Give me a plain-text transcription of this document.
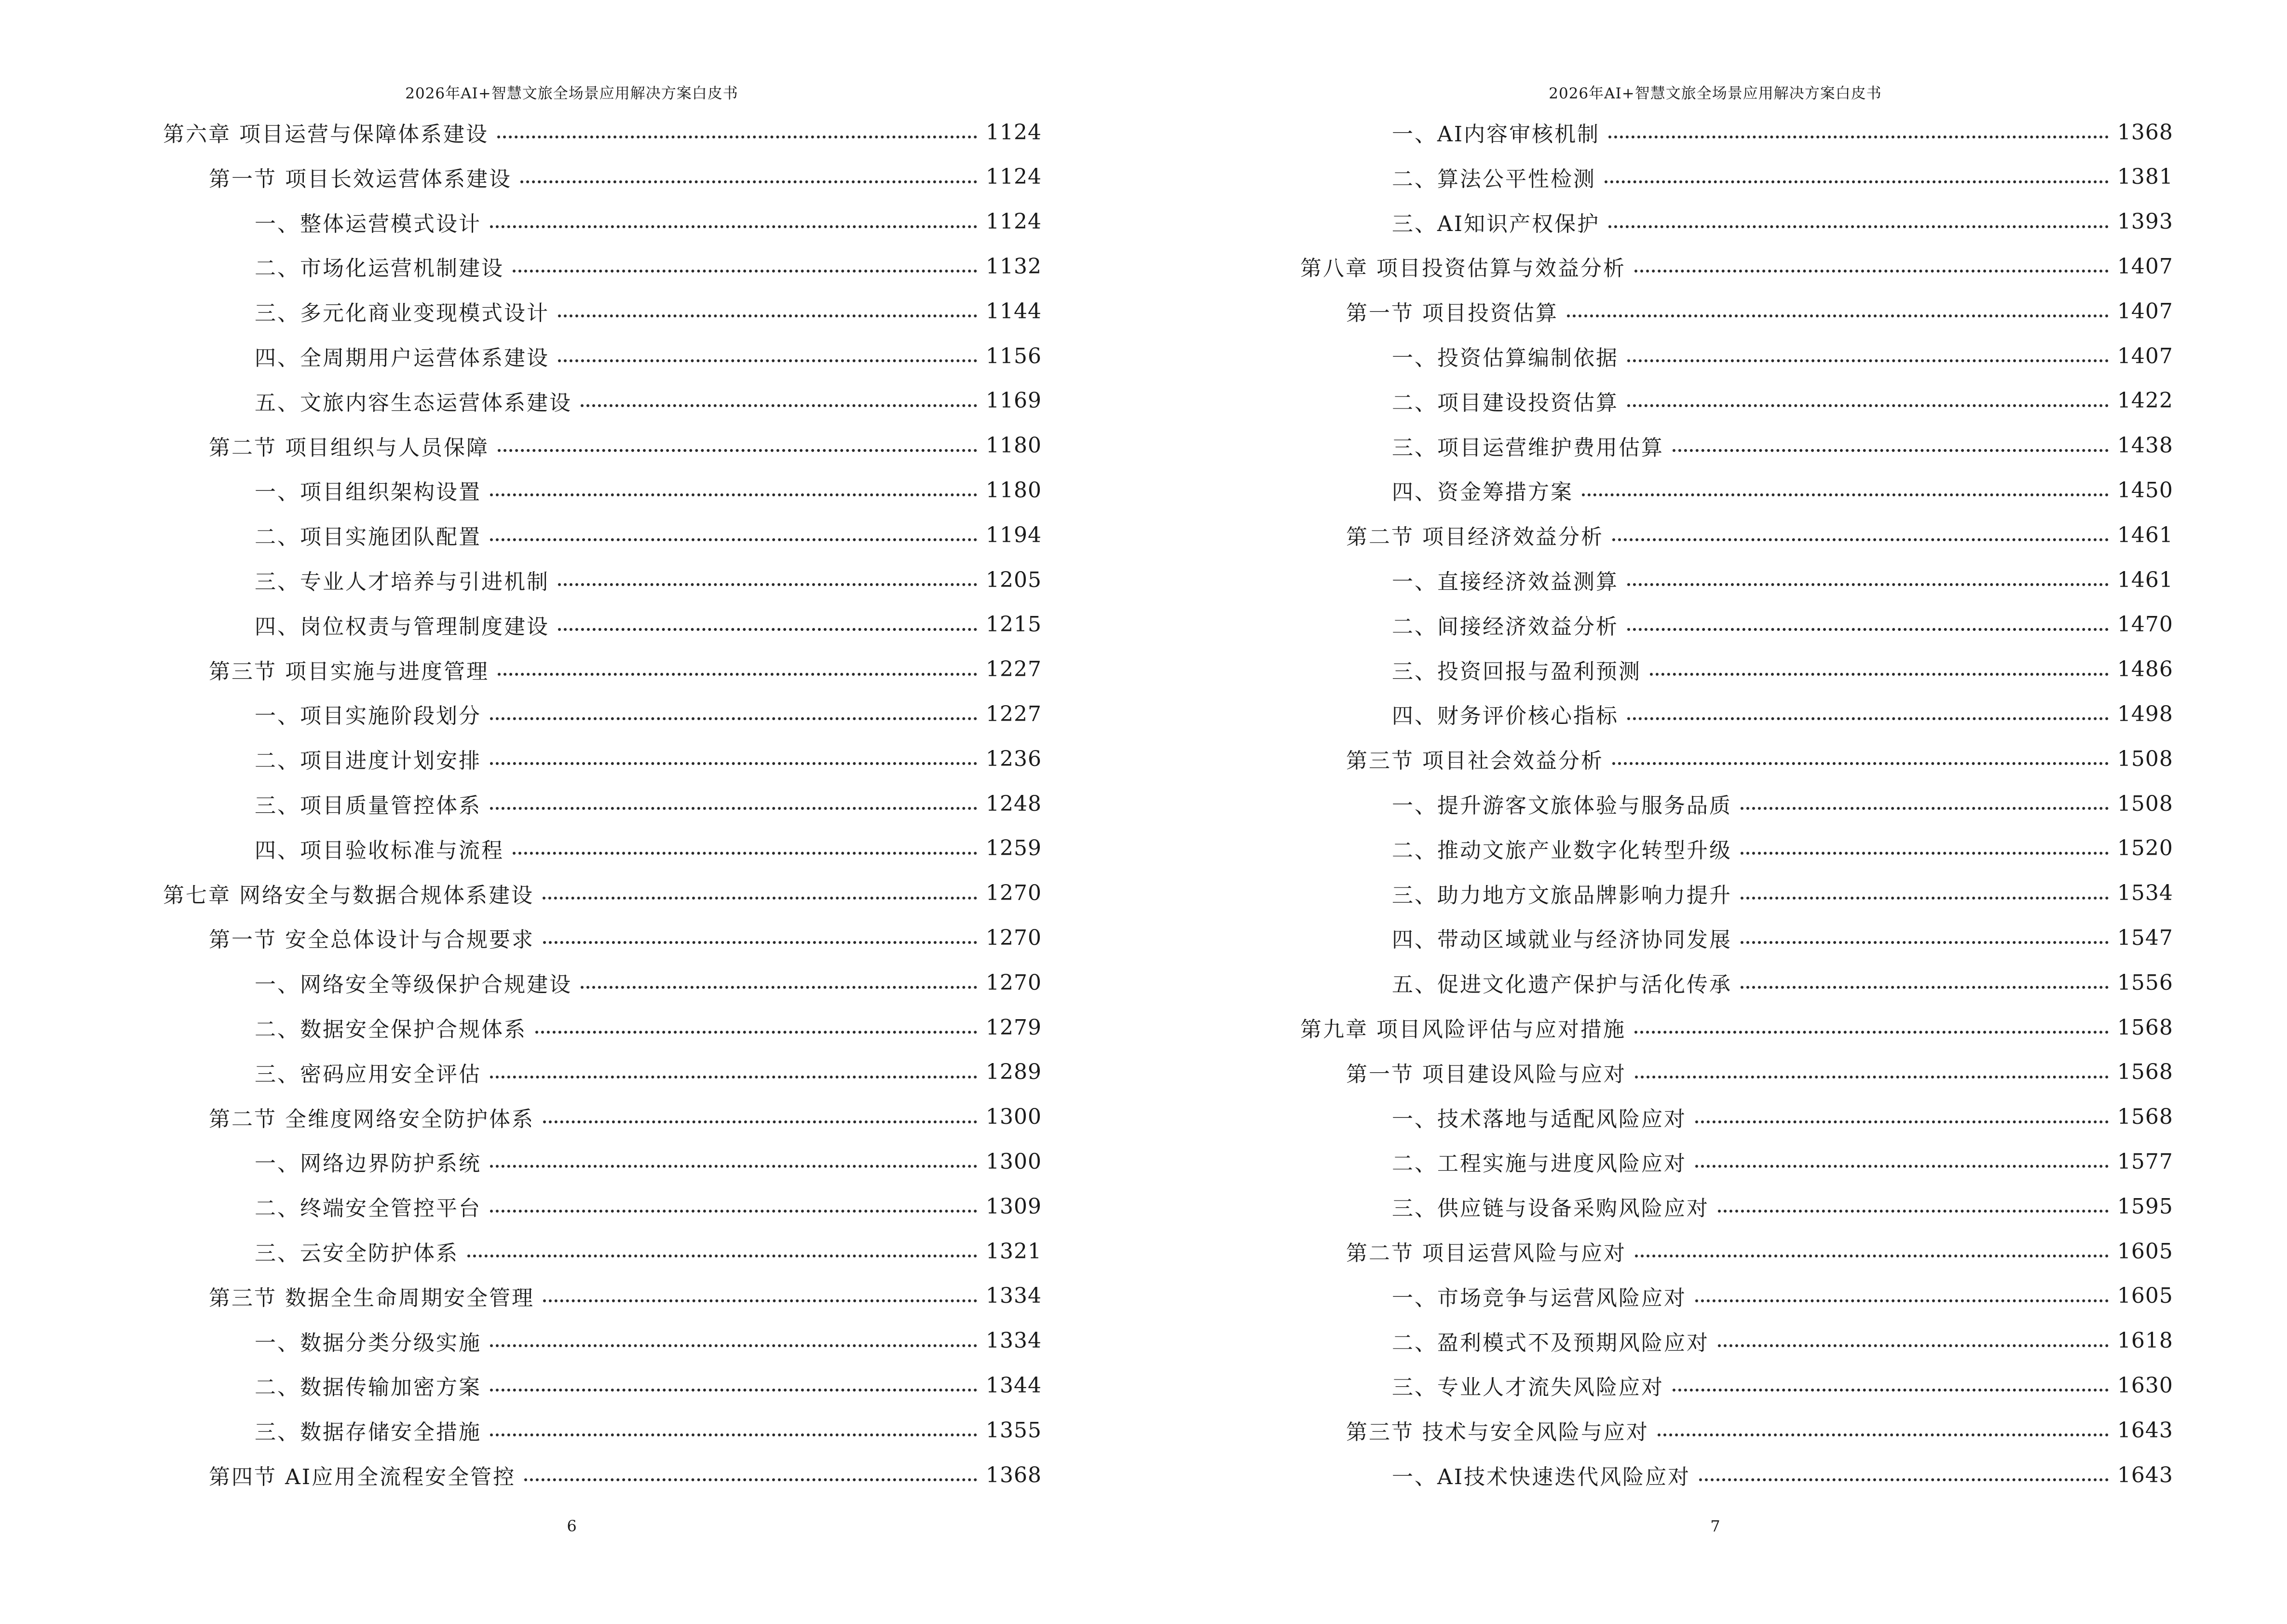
2026年AI+智慧文旅全场景应用解决方案白皮书
第六章 项目运营与保障体系建设	1124
第一节 项目长效运营体系建设	1124
一、整体运营模式设计	1124
二、市场化运营机制建设	1132
三、多元化商业变现模式设计	1144
四、全周期用户运营体系建设	1156
五、文旅内容生态运营体系建设	1169
第二节 项目组织与人员保障	1180
一、项目组织架构设置	1180
二、项目实施团队配置	1194
三、专业人才培养与引进机制	1205
四、岗位权责与管理制度建设	1215
第三节 项目实施与进度管理	1227
一、项目实施阶段划分	1227
二、项目进度计划安排	1236
三、项目质量管控体系	1248
四、项目验收标准与流程	1259
第七章 网络安全与数据合规体系建设	1270
第一节 安全总体设计与合规要求	1270
一、网络安全等级保护合规建设	1270
二、数据安全保护合规体系	1279
三、密码应用安全评估	1289
第二节 全维度网络安全防护体系	1300
一、网络边界防护系统	1300
二、终端安全管控平台	1309
三、云安全防护体系	1321
第三节 数据全生命周期安全管理	1334
一、数据分类分级实施	1334
二、数据传输加密方案	1344
三、数据存储安全措施	1355
第四节 AI应用全流程安全管控	1368
6
2026年AI+智慧文旅全场景应用解决方案白皮书
一、AI内容审核机制	1368
二、算法公平性检测	1381
三、AI知识产权保护	1393
第八章 项目投资估算与效益分析	1407
第一节 项目投资估算	1407
一、投资估算编制依据	1407
二、项目建设投资估算	1422
三、项目运营维护费用估算	1438
四、资金筹措方案	1450
第二节 项目经济效益分析	1461
一、直接经济效益测算	1461
二、间接经济效益分析	1470
三、投资回报与盈利预测	1486
四、财务评价核心指标	1498
第三节 项目社会效益分析	1508
一、提升游客文旅体验与服务品质	1508
二、推动文旅产业数字化转型升级	1520
三、助力地方文旅品牌影响力提升	1534
四、带动区域就业与经济协同发展	1547
五、促进文化遗产保护与活化传承	1556
第九章 项目风险评估与应对措施	1568
第一节 项目建设风险与应对	1568
一、技术落地与适配风险应对	1568
二、工程实施与进度风险应对	1577
三、供应链与设备采购风险应对	1595
第二节 项目运营风险与应对	1605
一、市场竞争与运营风险应对	1605
二、盈利模式不及预期风险应对	1618
三、专业人才流失风险应对	1630
第三节 技术与安全风险与应对	1643
一、AI技术快速迭代风险应对	1643
7
